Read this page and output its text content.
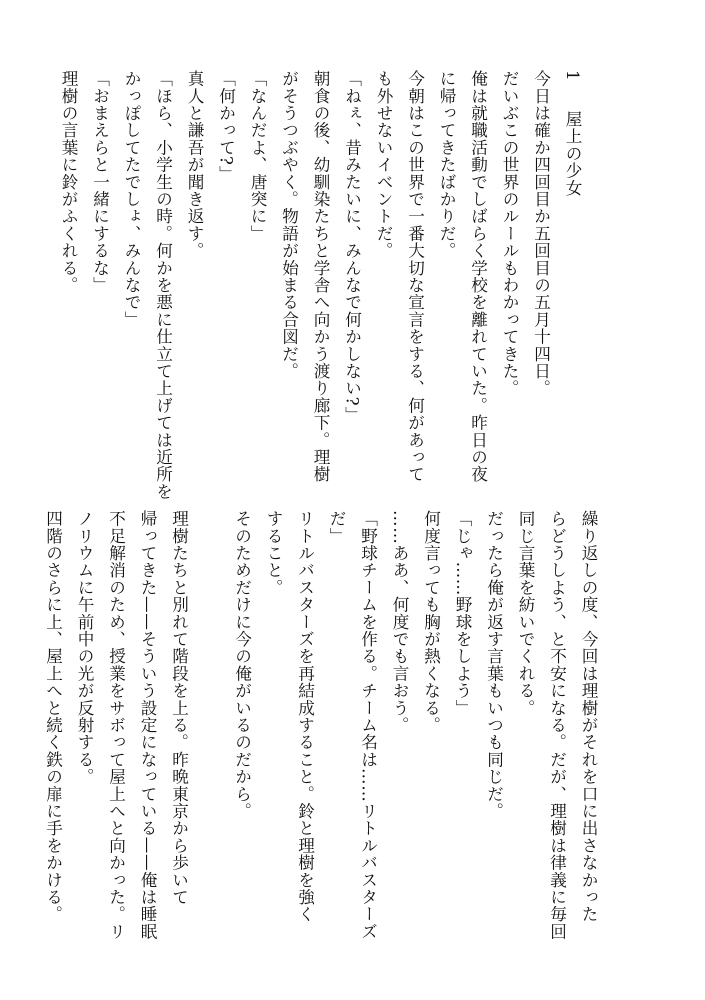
1　屋上の少女
今日は確か四回目か五回目の五月十四日。
だいぶこの世界のルールもわかってきた。
俺は就職活動でしばらく学校を離れていた。昨日の夜
に帰ってきたばかりだ。
今朝はこの世界で一番大切な宣言をする、何があって
も外せないイベントだ。
「ねぇ、昔みたいに、みんなで何かしない?」
朝食の後、幼馴染たちと学舎へ向かう渡り廊下。理樹
がそうつぶやく。物語が始まる合図だ。
「なんだよ、唐突に」
「何かって?」
真人と謙吾が聞き返す。
「ほら、小学生の時。何かを悪に仕立て上げては近所を
かっぽしてたでしょ、みんなで」
「おまえらと一緒にするな」
理樹の言葉に鈴がふくれる。
繰り返しの度、今回は理樹がそれを口に出さなかった
らどうしよう、と不安になる。だが、理樹は律義に毎回
同じ言葉を紡いでくれる。
だったら俺が返す言葉もいつも同じだ。
「じゃ……野球をしよう」
何度言っても胸が熱くなる。
……ああ、何度でも言おう。
「野球チームを作る。チーム名は……リトルバスターズ
だ」
リトルバスターズを再結成すること。鈴と理樹を強く
すること。
そのためだけに今の俺がいるのだから。

理樹たちと別れて階段を上る。昨晩東京から歩いて
帰ってきた——そういう設定になっている——俺は睡眠
不足解消のため、授業をサボって屋上へと向かった。リ
ノリウムに午前中の光が反射する。
四階のさらに上、屋上へと続く鉄の扉に手をかける。
